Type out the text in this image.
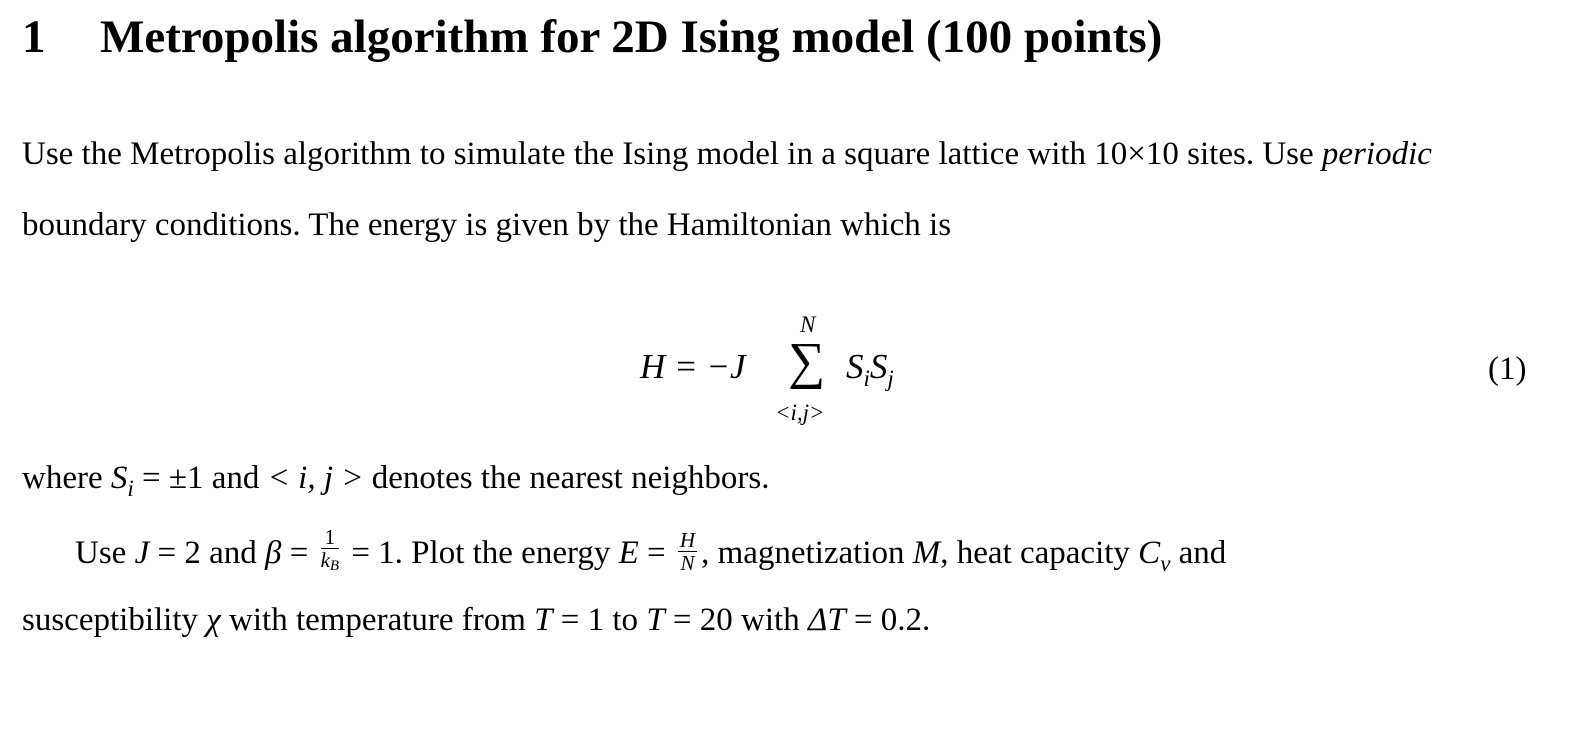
1 Metropolis algorithm for 2D Ising model (100 points)
Use the Metropolis algorithm to simulate the Ising model in a square lattice with 10×10 sites. Use periodic
boundary conditions. The energy is given by the Hamiltonian which is
H = −J
N
∑
<i,j>
$S_iS_j$	(1)
where $S_i = \pm 1$ and < i, j > denotes the nearest neighbors.
Use J = 2 and $\beta = \frac{1}{kB} = 1$. Plot the energy $E = \frac{H}{N}$ , magnetization M, heat capacity $C_v$ and
susceptibility χ with temperature from T = 1 to T = 20 with ΔT = 0.2.
